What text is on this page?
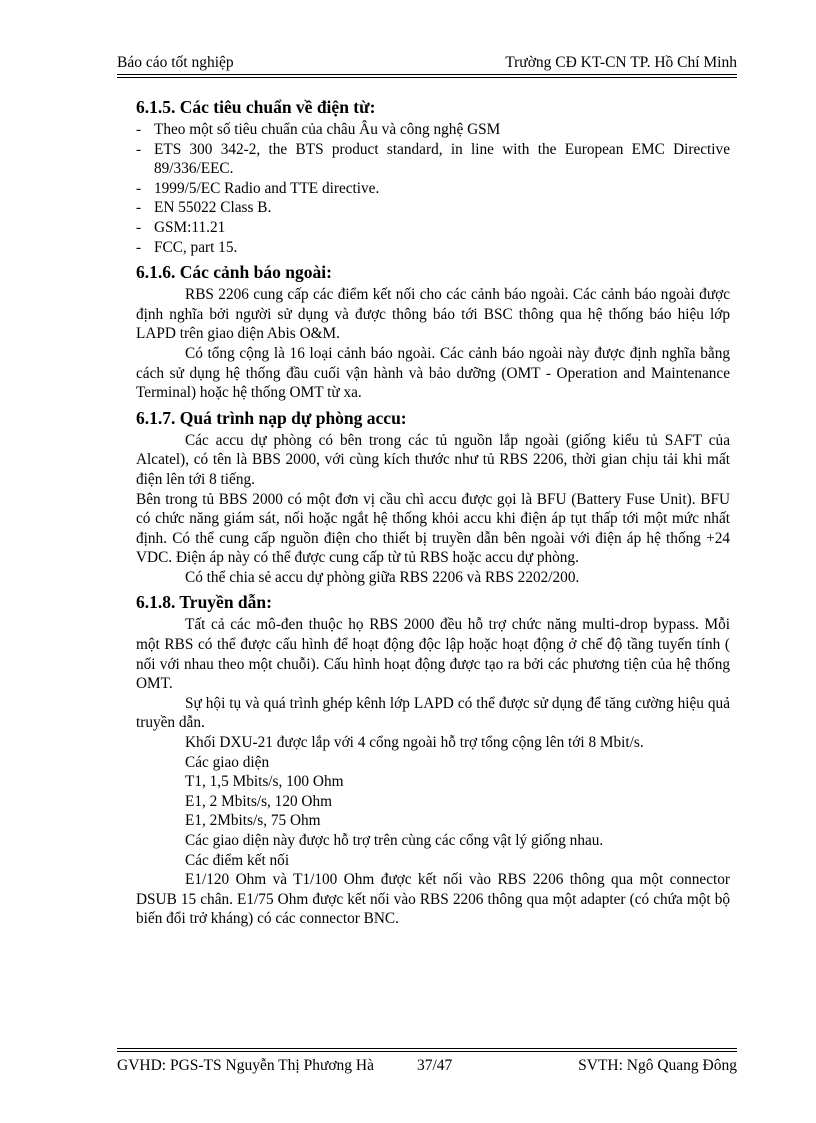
Báo cáo tốt nghiệp	Trường CĐ KT-CN TP. Hồ Chí Minh
6.1.5. Các tiêu chuẩn về điện từ:

- Theo một số tiêu chuẩn của châu Âu và công nghệ GSM

- ETS 300 342-2, the BTS product standard, in line with the European EMC Directive 89/336/EEC.

- 1999/5/EC Radio and TTE directive.

- EN 55022 Class B.

- GSM:11.21

- FCC, part 15.

6.1.6. Các cảnh báo ngoài:

RBS 2206 cung cấp các điểm kết nối cho các cảnh báo ngoài. Các cảnh báo ngoài được định nghĩa bởi người sử dụng và được thông báo tới BSC thông qua hệ thống báo hiệu lớp LAPD trên giao diện Abis O&M.

Có tổng cộng là 16 loại cảnh báo ngoài. Các cảnh báo ngoài này được định nghĩa bằng cách sử dụng hệ thống đầu cuối vận hành và bảo dưỡng (OMT - Operation and Maintenance Terminal) hoặc hệ thống OMT từ xa.

6.1.7. Quá trình nạp dự phòng accu:

Các accu dự phòng có bên trong các tủ nguồn lắp ngoài (giống kiểu tủ SAFT của Alcatel), có tên là BBS 2000, với cùng kích thước như tủ RBS 2206, thời gian chịu tải khi mất điện lên tới 8 tiếng.

Bên trong tủ BBS 2000 có một đơn vị cầu chì accu được gọi là BFU (Battery Fuse Unit). BFU có chức năng giám sát, nối hoặc ngắt hệ thống khỏi accu khi điện áp tụt thấp tới một mức nhất định. Có thể cung cấp nguồn điện cho thiết bị truyền dẫn bên ngoài với điện áp hệ thống +24 VDC. Điện áp này có thể được cung cấp từ tủ RBS hoặc accu dự phòng.

Có thể chia sẻ accu dự phòng giữa RBS 2206 và RBS 2202/200.

6.1.8. Truyền dẫn:

Tất cả các mô-đen thuộc họ RBS 2000 đều hỗ trợ chức năng multi-drop bypass. Mỗi một RBS có thể được cấu hình để hoạt động độc lập hoặc hoạt động ở chế độ tầng tuyến tính ( nối với nhau theo một chuỗi). Cấu hình hoạt động được tạo ra bởi các phương tiện của hệ thống OMT.

Sự hội tụ và quá trình ghép kênh lớp LAPD có thể được sử dụng để tăng cường hiệu quả truyền dẫn.

Khối DXU-21 được lắp với 4 cổng ngoài hỗ trợ tổng cộng lên tới 8 Mbit/s.

Các giao diện

T1, 1,5 Mbits/s, 100 Ohm

E1, 2 Mbits/s, 120 Ohm

E1, 2Mbits/s, 75 Ohm

Các giao diện này được hỗ trợ trên cùng các cổng vật lý giống nhau.

Các điểm kết nối

E1/120 Ohm và T1/100 Ohm được kết nối vào RBS 2206 thông qua một connector DSUB 15 chân. E1/75 Ohm được kết nối vào RBS 2206 thông qua một adapter (có chứa một bộ biến đổi trở kháng) có các connector BNC.

GVHD: PGS-TS Nguyễn Thị Phương Hà	37/47	SVTH: Ngô Quang Đông
